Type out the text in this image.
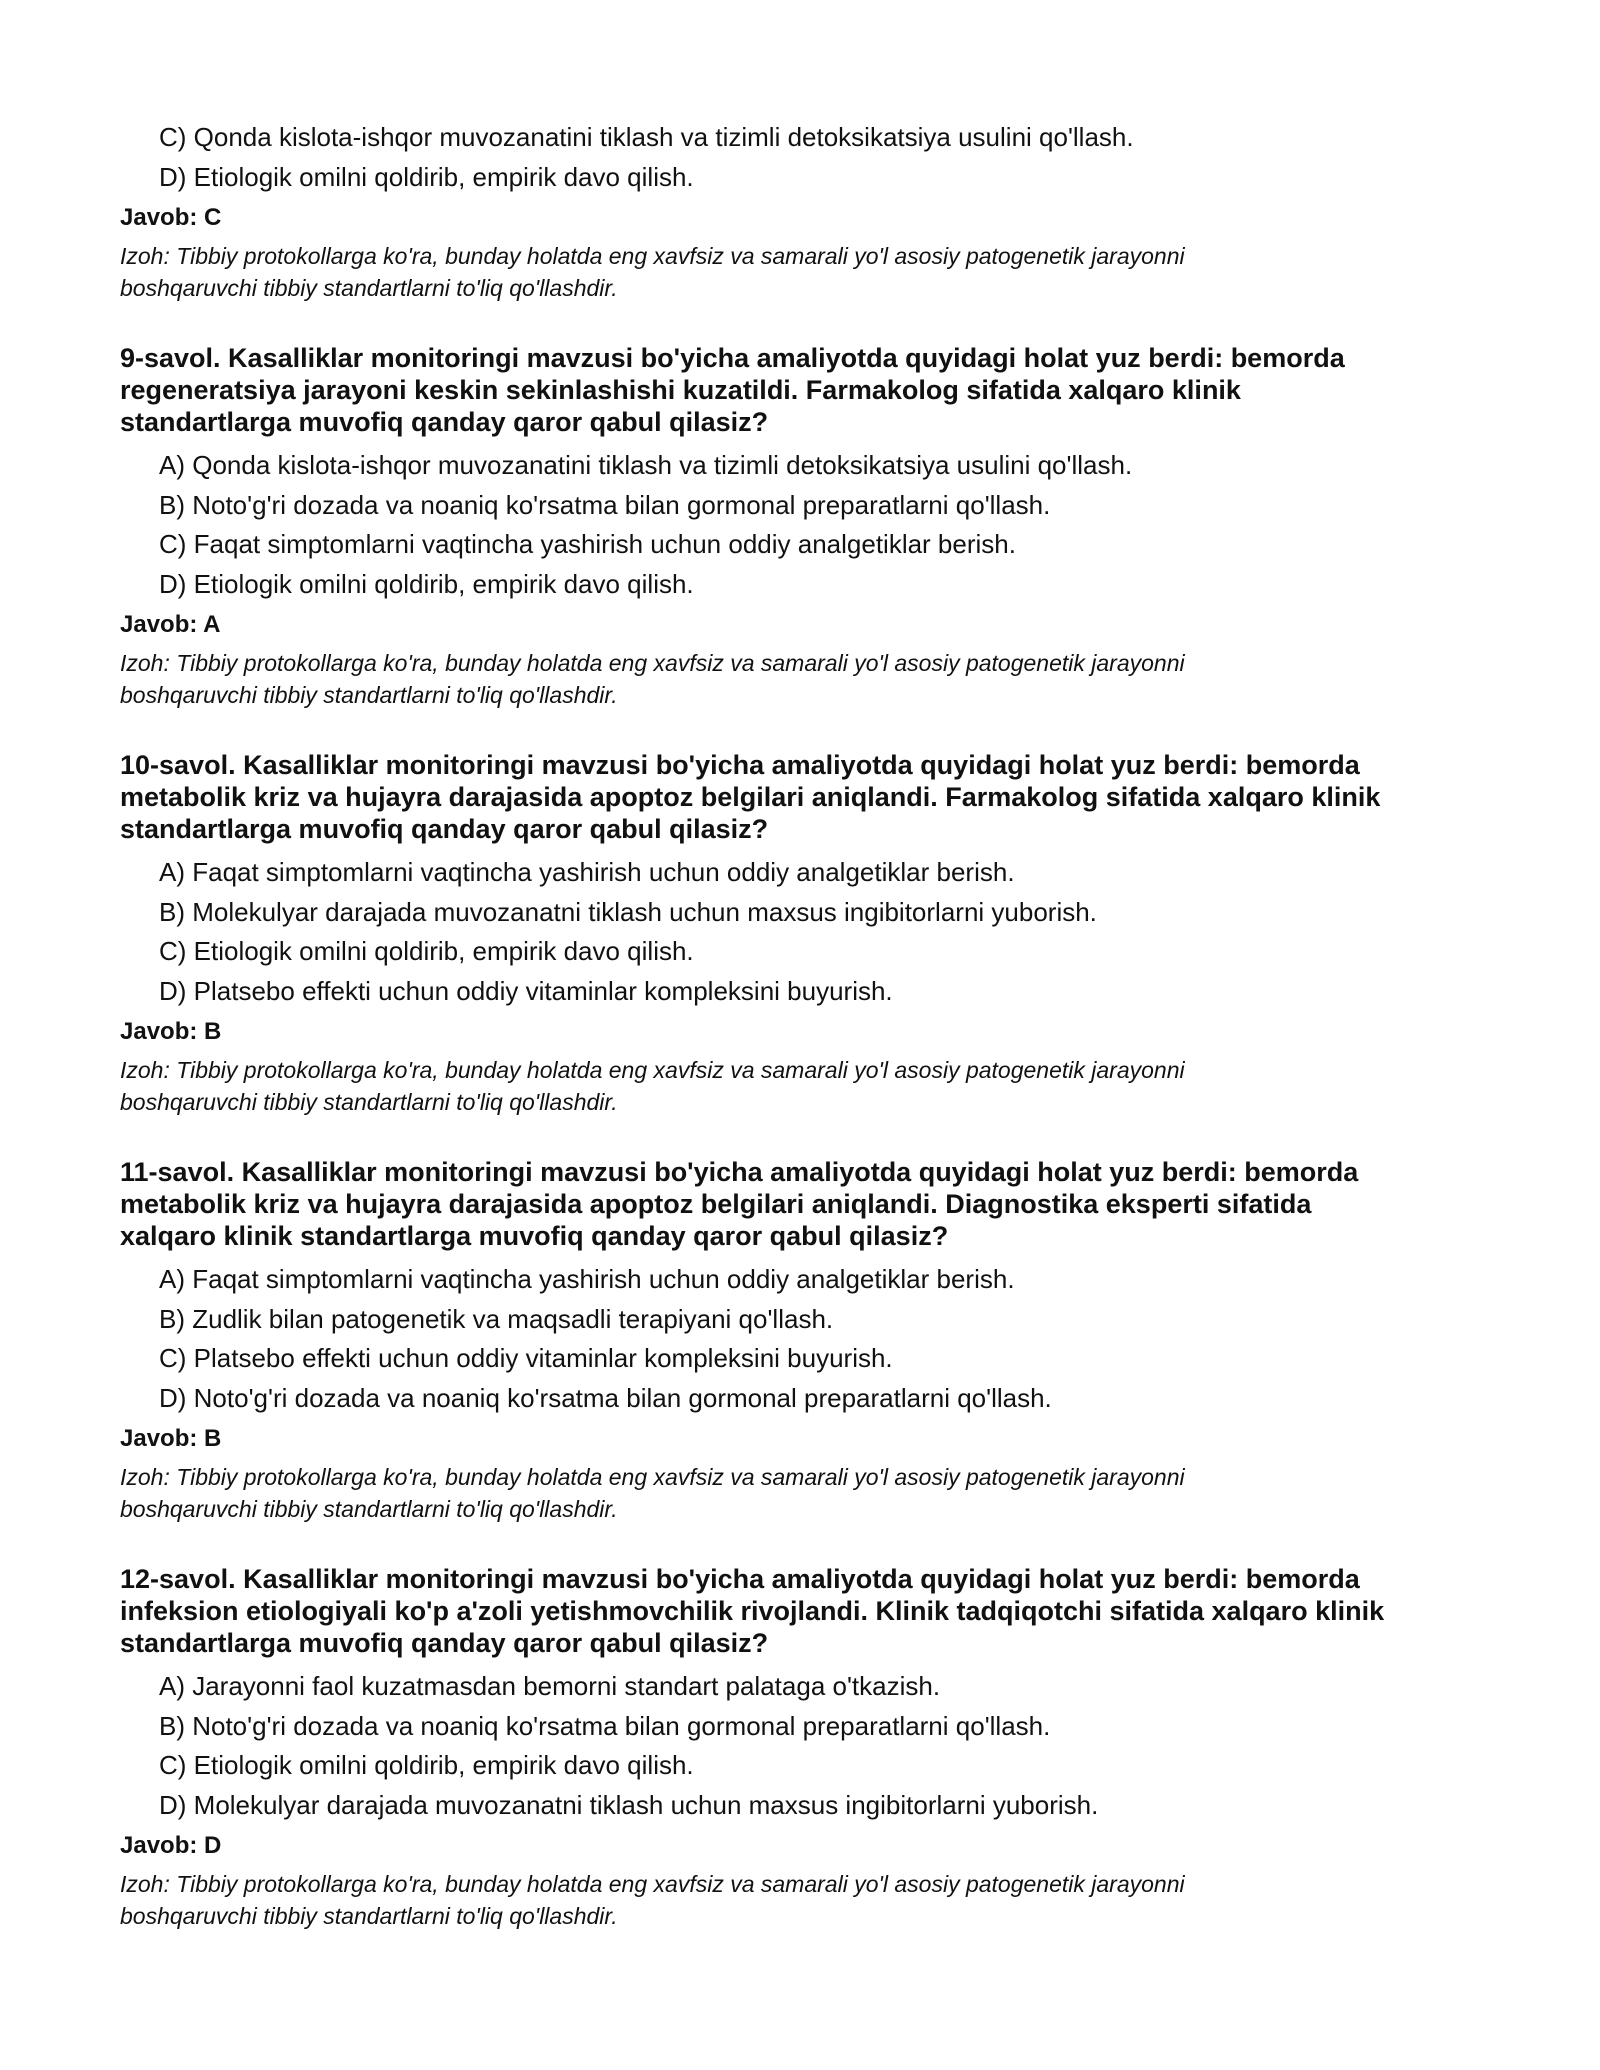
C) Qonda kislota-ishqor muvozanatini tiklash va tizimli detoksikatsiya usulini qo'llash.
D) Etiologik omilni qoldirib, empirik davo qilish.
Javob: C
Izoh: Tibbiy protokollarga ko'ra, bunday holatda eng xavfsiz va samarali yo'l asosiy patogenetik jarayonni
boshqaruvchi tibbiy standartlarni to'liq qo'llashdir.
9-savol. Kasalliklar monitoringi mavzusi bo'yicha amaliyotda quyidagi holat yuz berdi: bemorda
regeneratsiya jarayoni keskin sekinlashishi kuzatildi. Farmakolog sifatida xalqaro klinik
standartlarga muvofiq qanday qaror qabul qilasiz?
A) Qonda kislota-ishqor muvozanatini tiklash va tizimli detoksikatsiya usulini qo'llash.
B) Noto'g'ri dozada va noaniq ko'rsatma bilan gormonal preparatlarni qo'llash.
C) Faqat simptomlarni vaqtincha yashirish uchun oddiy analgetiklar berish.
D) Etiologik omilni qoldirib, empirik davo qilish.
Javob: A
Izoh: Tibbiy protokollarga ko'ra, bunday holatda eng xavfsiz va samarali yo'l asosiy patogenetik jarayonni
boshqaruvchi tibbiy standartlarni to'liq qo'llashdir.
10-savol. Kasalliklar monitoringi mavzusi bo'yicha amaliyotda quyidagi holat yuz berdi: bemorda
metabolik kriz va hujayra darajasida apoptoz belgilari aniqlandi. Farmakolog sifatida xalqaro klinik
standartlarga muvofiq qanday qaror qabul qilasiz?
A) Faqat simptomlarni vaqtincha yashirish uchun oddiy analgetiklar berish.
B) Molekulyar darajada muvozanatni tiklash uchun maxsus ingibitorlarni yuborish.
C) Etiologik omilni qoldirib, empirik davo qilish.
D) Platsebo effekti uchun oddiy vitaminlar kompleksini buyurish.
Javob: B
Izoh: Tibbiy protokollarga ko'ra, bunday holatda eng xavfsiz va samarali yo'l asosiy patogenetik jarayonni
boshqaruvchi tibbiy standartlarni to'liq qo'llashdir.
11-savol. Kasalliklar monitoringi mavzusi bo'yicha amaliyotda quyidagi holat yuz berdi: bemorda
metabolik kriz va hujayra darajasida apoptoz belgilari aniqlandi. Diagnostika eksperti sifatida
xalqaro klinik standartlarga muvofiq qanday qaror qabul qilasiz?
A) Faqat simptomlarni vaqtincha yashirish uchun oddiy analgetiklar berish.
B) Zudlik bilan patogenetik va maqsadli terapiyani qo'llash.
C) Platsebo effekti uchun oddiy vitaminlar kompleksini buyurish.
D) Noto'g'ri dozada va noaniq ko'rsatma bilan gormonal preparatlarni qo'llash.
Javob: B
Izoh: Tibbiy protokollarga ko'ra, bunday holatda eng xavfsiz va samarali yo'l asosiy patogenetik jarayonni
boshqaruvchi tibbiy standartlarni to'liq qo'llashdir.
12-savol. Kasalliklar monitoringi mavzusi bo'yicha amaliyotda quyidagi holat yuz berdi: bemorda
infeksion etiologiyali ko'p a'zoli yetishmovchilik rivojlandi. Klinik tadqiqotchi sifatida xalqaro klinik
standartlarga muvofiq qanday qaror qabul qilasiz?
A) Jarayonni faol kuzatmasdan bemorni standart palataga o'tkazish.
B) Noto'g'ri dozada va noaniq ko'rsatma bilan gormonal preparatlarni qo'llash.
C) Etiologik omilni qoldirib, empirik davo qilish.
D) Molekulyar darajada muvozanatni tiklash uchun maxsus ingibitorlarni yuborish.
Javob: D
Izoh: Tibbiy protokollarga ko'ra, bunday holatda eng xavfsiz va samarali yo'l asosiy patogenetik jarayonni
boshqaruvchi tibbiy standartlarni to'liq qo'llashdir.
